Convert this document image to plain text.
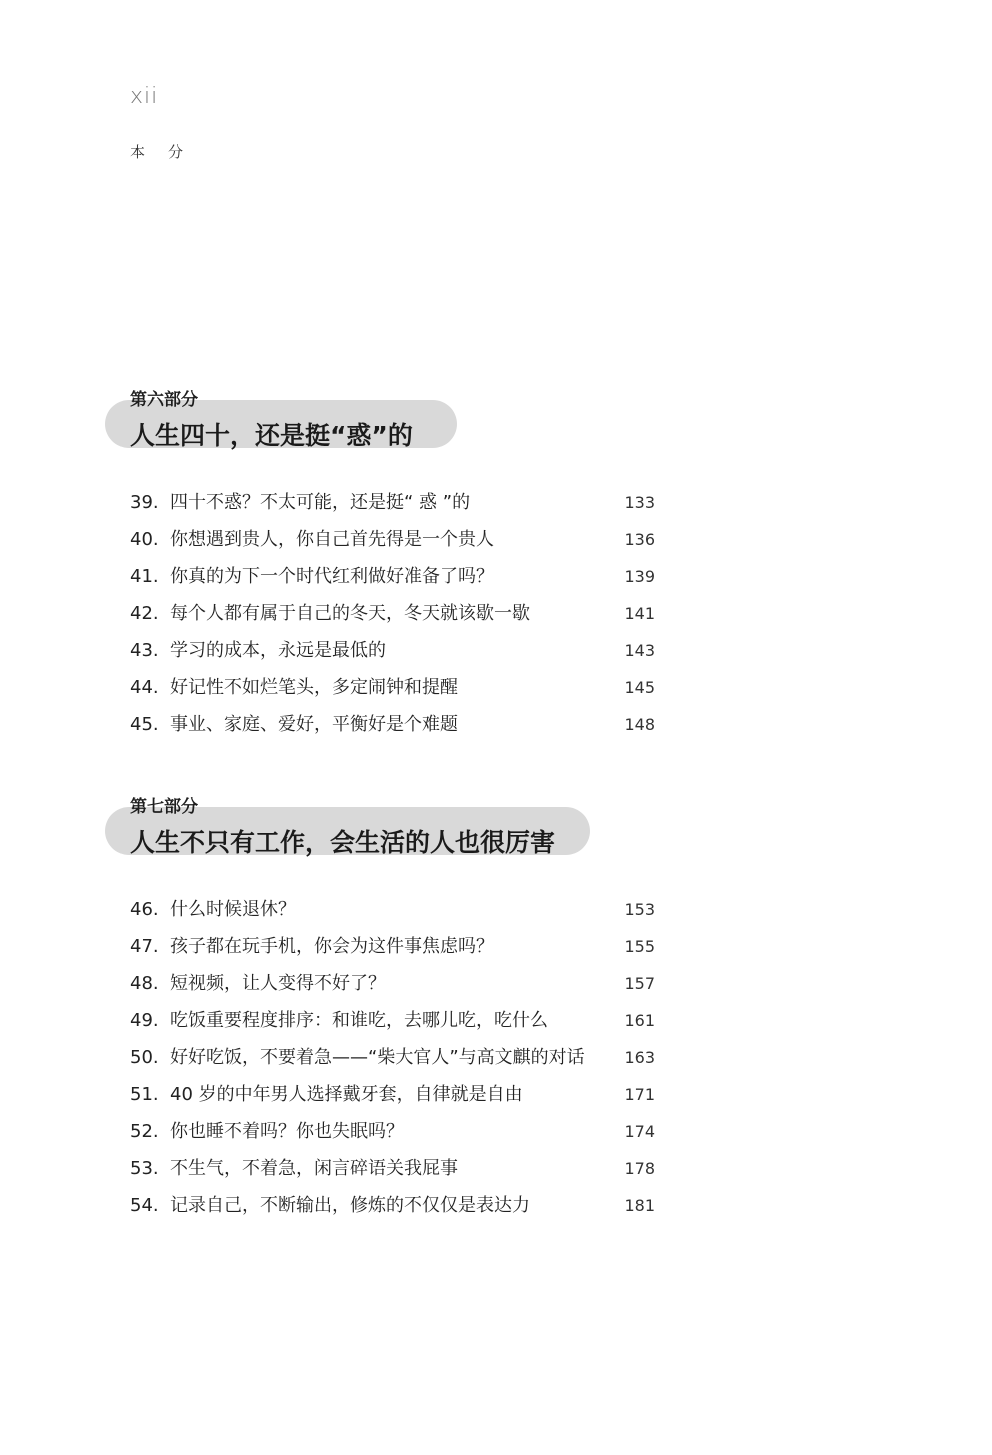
xii
本 分
第六部分
人生四十，还是挺“惑”的
39. 四十不惑？不太可能，还是挺“ 惑 ”的	133
40. 你想遇到贵人，你自己首先得是一个贵人	136
41. 你真的为下一个时代红利做好准备了吗？	139
42. 每个人都有属于自己的冬天，冬天就该歇一歇	141
43. 学习的成本，永远是最低的	143
44. 好记性不如烂笔头，多定闹钟和提醒	145
45. 事业、家庭、爱好，平衡好是个难题	148
第七部分
人生不只有工作，会生活的人也很厉害
46. 什么时候退休？	153
47. 孩子都在玩手机，你会为这件事焦虑吗？	155
48. 短视频，让人变得不好了？	157
49. 吃饭重要程度排序：和谁吃，去哪儿吃，吃什么	161
50. 好好吃饭，不要着急——“柴大官人”与高文麒的对话 163
51. 40 岁的中年男人选择戴牙套，自律就是自由	171
52. 你也睡不着吗？你也失眠吗？	174
53. 不生气，不着急，闲言碎语关我屁事	178
54. 记录自己，不断输出，修炼的不仅仅是表达力	181
